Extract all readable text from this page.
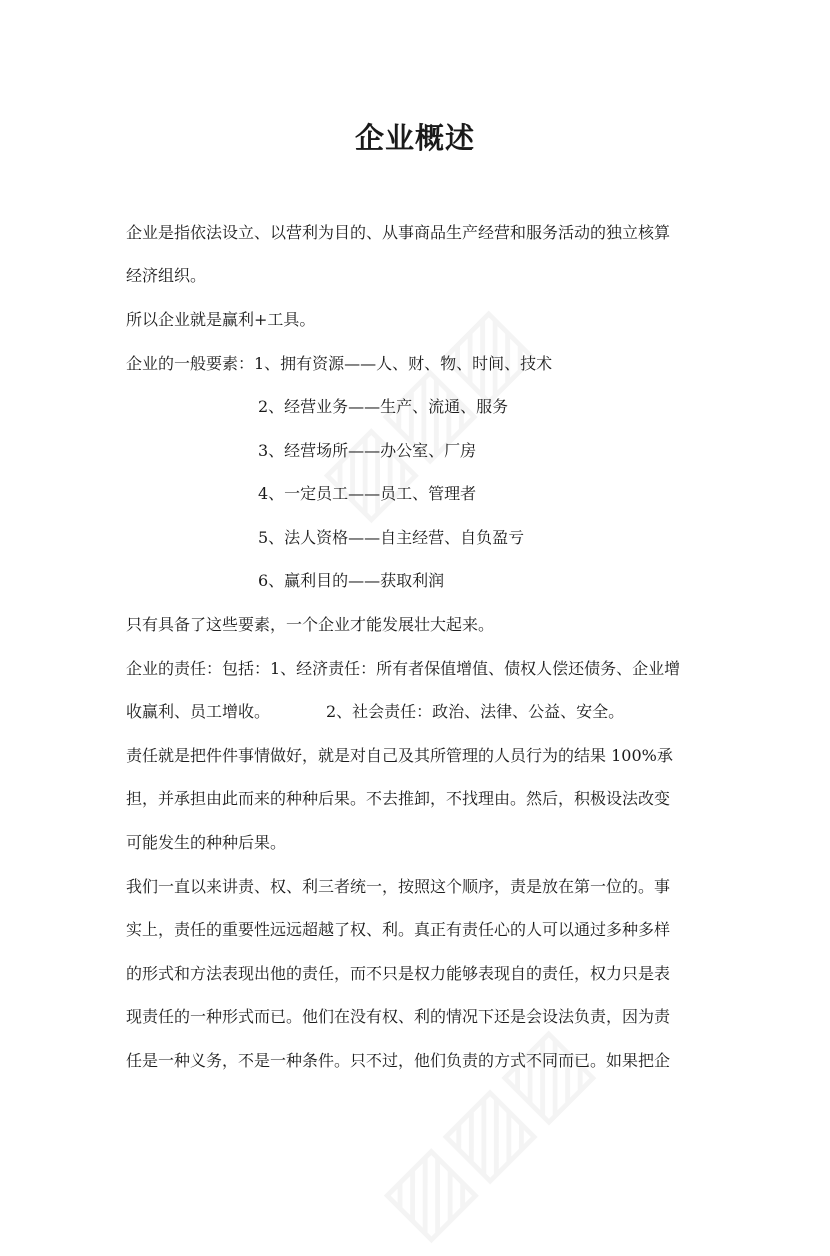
企业概述
企业是指依法设立、以营利为目的、从事商品生产经营和服务活动的独立核算
经济组织。
所以企业就是赢利+工具。
企业的一般要素：1、拥有资源——人、财、物、时间、技术
2、经营业务——生产、流通、服务
3、经营场所——办公室、厂房
4、一定员工——员工、管理者
5、法人资格——自主经营、自负盈亏
6、赢利目的——获取利润
只有具备了这些要素，一个企业才能发展壮大起来。
企业的责任：包括：1、经济责任：所有者保值增值、债权人偿还债务、企业增
收赢利、员工增收。           2、社会责任：政治、法律、公益、安全。
责任就是把件件事情做好，就是对自己及其所管理的人员行为的结果 100%承
担，并承担由此而来的种种后果。不去推卸，不找理由。然后，积极设法改变
可能发生的种种后果。
我们一直以来讲责、权、利三者统一，按照这个顺序，责是放在第一位的。事
实上，责任的重要性远远超越了权、利。真正有责任心的人可以通过多种多样
的形式和方法表现出他的责任，而不只是权力能够表现自的责任，权力只是表
现责任的一种形式而已。他们在没有权、利的情况下还是会设法负责，因为责
任是一种义务，不是一种条件。只不过，他们负责的方式不同而已。如果把企
